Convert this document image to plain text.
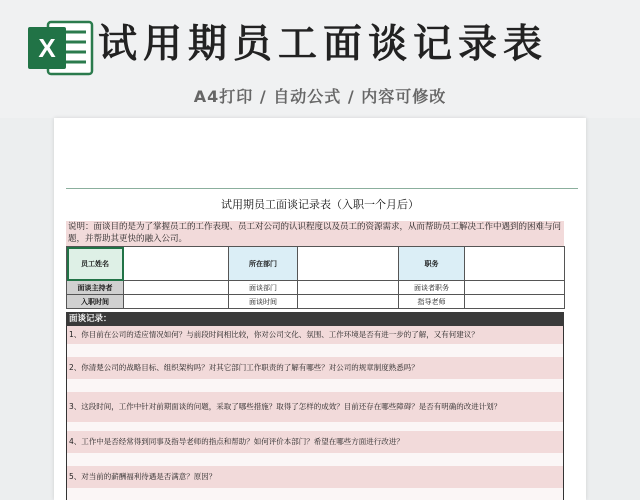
X 试用期员工面谈记录表
A4打印 / 自动公式 / 内容可修改
试用期员工面谈记录表（入职一个月后）
说明：面谈目的是为了掌握员工的工作表现、员工对公司的认识程度以及员工的资源需求，从而帮助员工解决工作中遇到的困难与问题，并帮助其更快的融入公司。
员工姓名		所在部门		职务	
面谈主持者		面谈部门		面谈者职务	
入职时间		面谈时间		指导老师	
面谈记录：
1、你目前在公司的适应情况如何？与前段时间相比较，你对公司文化、氛围、工作环境是否有进一步的了解，又有何建议？
2、你清楚公司的战略目标、组织架构吗？对其它部门工作职责的了解有哪些？对公司的规章制度熟悉吗？
3、这段时间，工作中针对前期面谈的问题，采取了哪些措施？取得了怎样的成效？目前还存在哪些障碍？是否有明确的改进计划？
4、工作中是否经常得到同事及指导老师的指点和帮助？如何评价本部门？希望在哪些方面进行改进？
5、对当前的薪酬福利待遇是否满意？原因？
